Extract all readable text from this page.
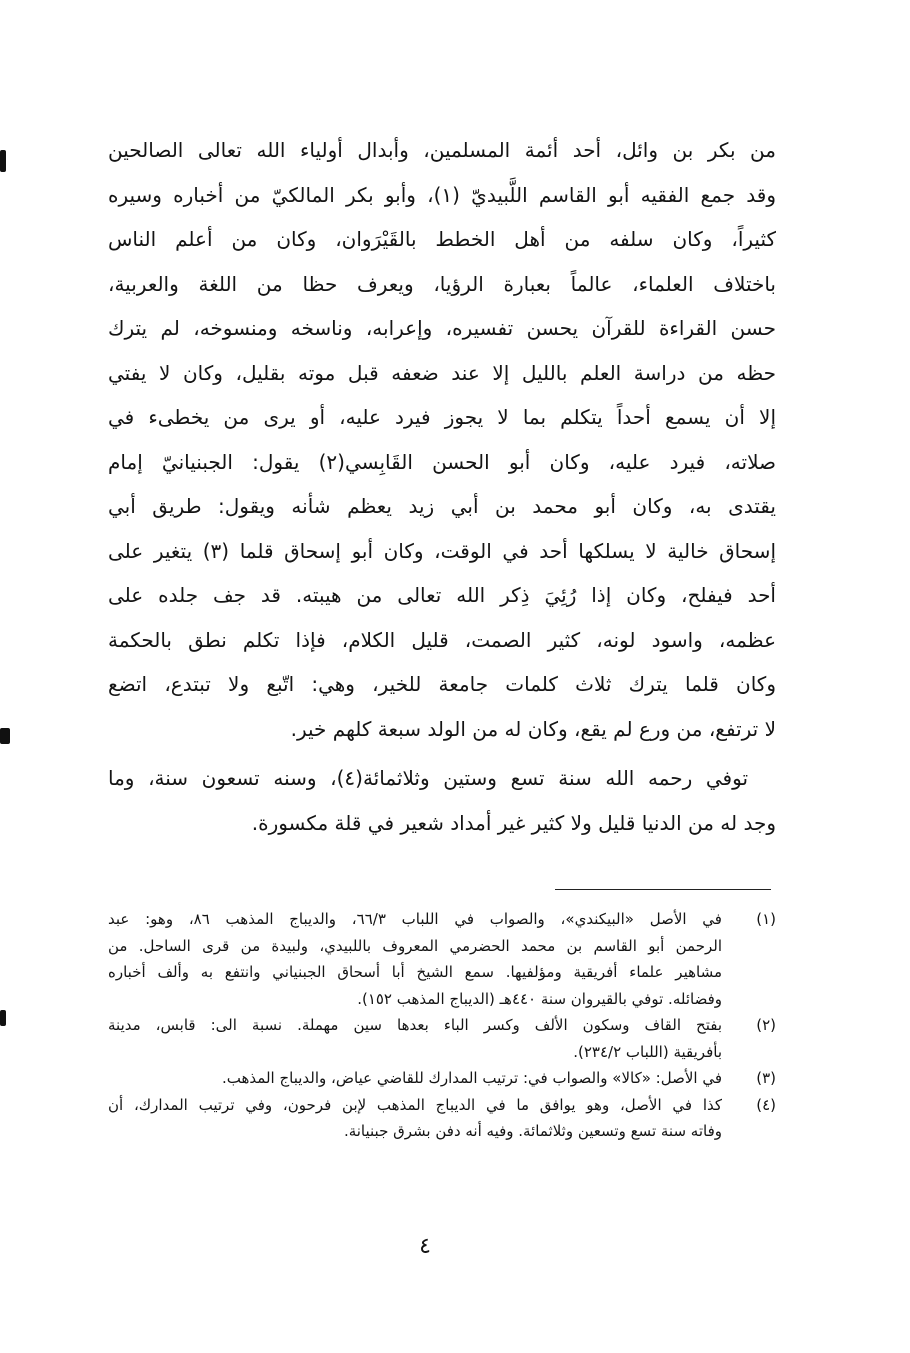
من بكر بن وائل، أحد أئمة المسلمين، وأبدال أولياء الله تعالى الصالحين
وقد جمع الفقيه أبو القاسم اللَّبيديّ (١)، وأبو بكر المالكيّ من أخباره وسيره
كثيراً، وكان سلفه من أهل الخطط بالقَيْرَوان، وكان من أعلم الناس
باختلاف العلماء، عالماً بعبارة الرؤيا، ويعرف حظا من اللغة والعربية،
حسن القراءة للقرآن يحسن تفسيره، وإعرابه، وناسخه ومنسوخه، لم يترك
حظه من دراسة العلم بالليل إلا عند ضعفه قبل موته بقليل، وكان لا يفتي
إلا أن يسمع أحداً يتكلم بما لا يجوز فيرد عليه، أو يرى من يخطىء في
صلاته، فيرد عليه، وكان أبو الحسن القَابِسي(٢) يقول: الجبنيانيّ إمام
يقتدى به، وكان أبو محمد بن أبي زيد يعظم شأنه ويقول: طريق أبي
إسحاق خالية لا يسلكها أحد في الوقت، وكان أبو إسحاق قلما (٣) يتغير على
أحد فيفلح، وكان إذا رُئِيَ ذِكر الله تعالى من هيبته. قد جف جلده على
عظمه، واسود لونه، كثير الصمت، قليل الكلام، فإذا تكلم نطق بالحكمة
وكان قلما يترك ثلاث كلمات جامعة للخير، وهي: اتّبع ولا تبتدع، اتضع
لا ترتفع، من ورع لم يقع، وكان له من الولد سبعة كلهم خير.
توفي رحمه الله سنة تسع وستين وثلاثمائة(٤)، وسنه تسعون سنة، وما
وجد له من الدنيا قليل ولا كثير غير أمداد شعير في قلة مكسورة.
(١)
في الأصل «البيكندي»، والصواب في اللباب ٦٦/٣، والديباج المذهب ٨٦، وهو: عبد
الرحمن أبو القاسم بن محمد الحضرمي المعروف باللبيدي، ولبيدة من قرى الساحل. من
مشاهير علماء أفريقية ومؤلفيها. سمع الشيخ أبا أسحاق الجبنياني وانتفع به وألف أخباره
وفضائله. توفي بالقيروان سنة ٤٤٠هـ (الديباج المذهب ١٥٢).
(٢)
بفتح القاف وسكون الألف وكسر الباء بعدها سين مهملة. نسبة الى: قابس، مدينة
بأفريقية (اللباب ٢٣٤/٢).
(٣)
في الأصل: «كالا» والصواب في: ترتيب المدارك للقاضي عياض، والديباج المذهب.
(٤)
كذا في الأصل، وهو يوافق ما في الديباج المذهب لإبن فرحون، وفي ترتيب المدارك، أن
وفاته سنة تسع وتسعين وثلاثمائة. وفيه أنه دفن بشرق جبنيانة.
٤
